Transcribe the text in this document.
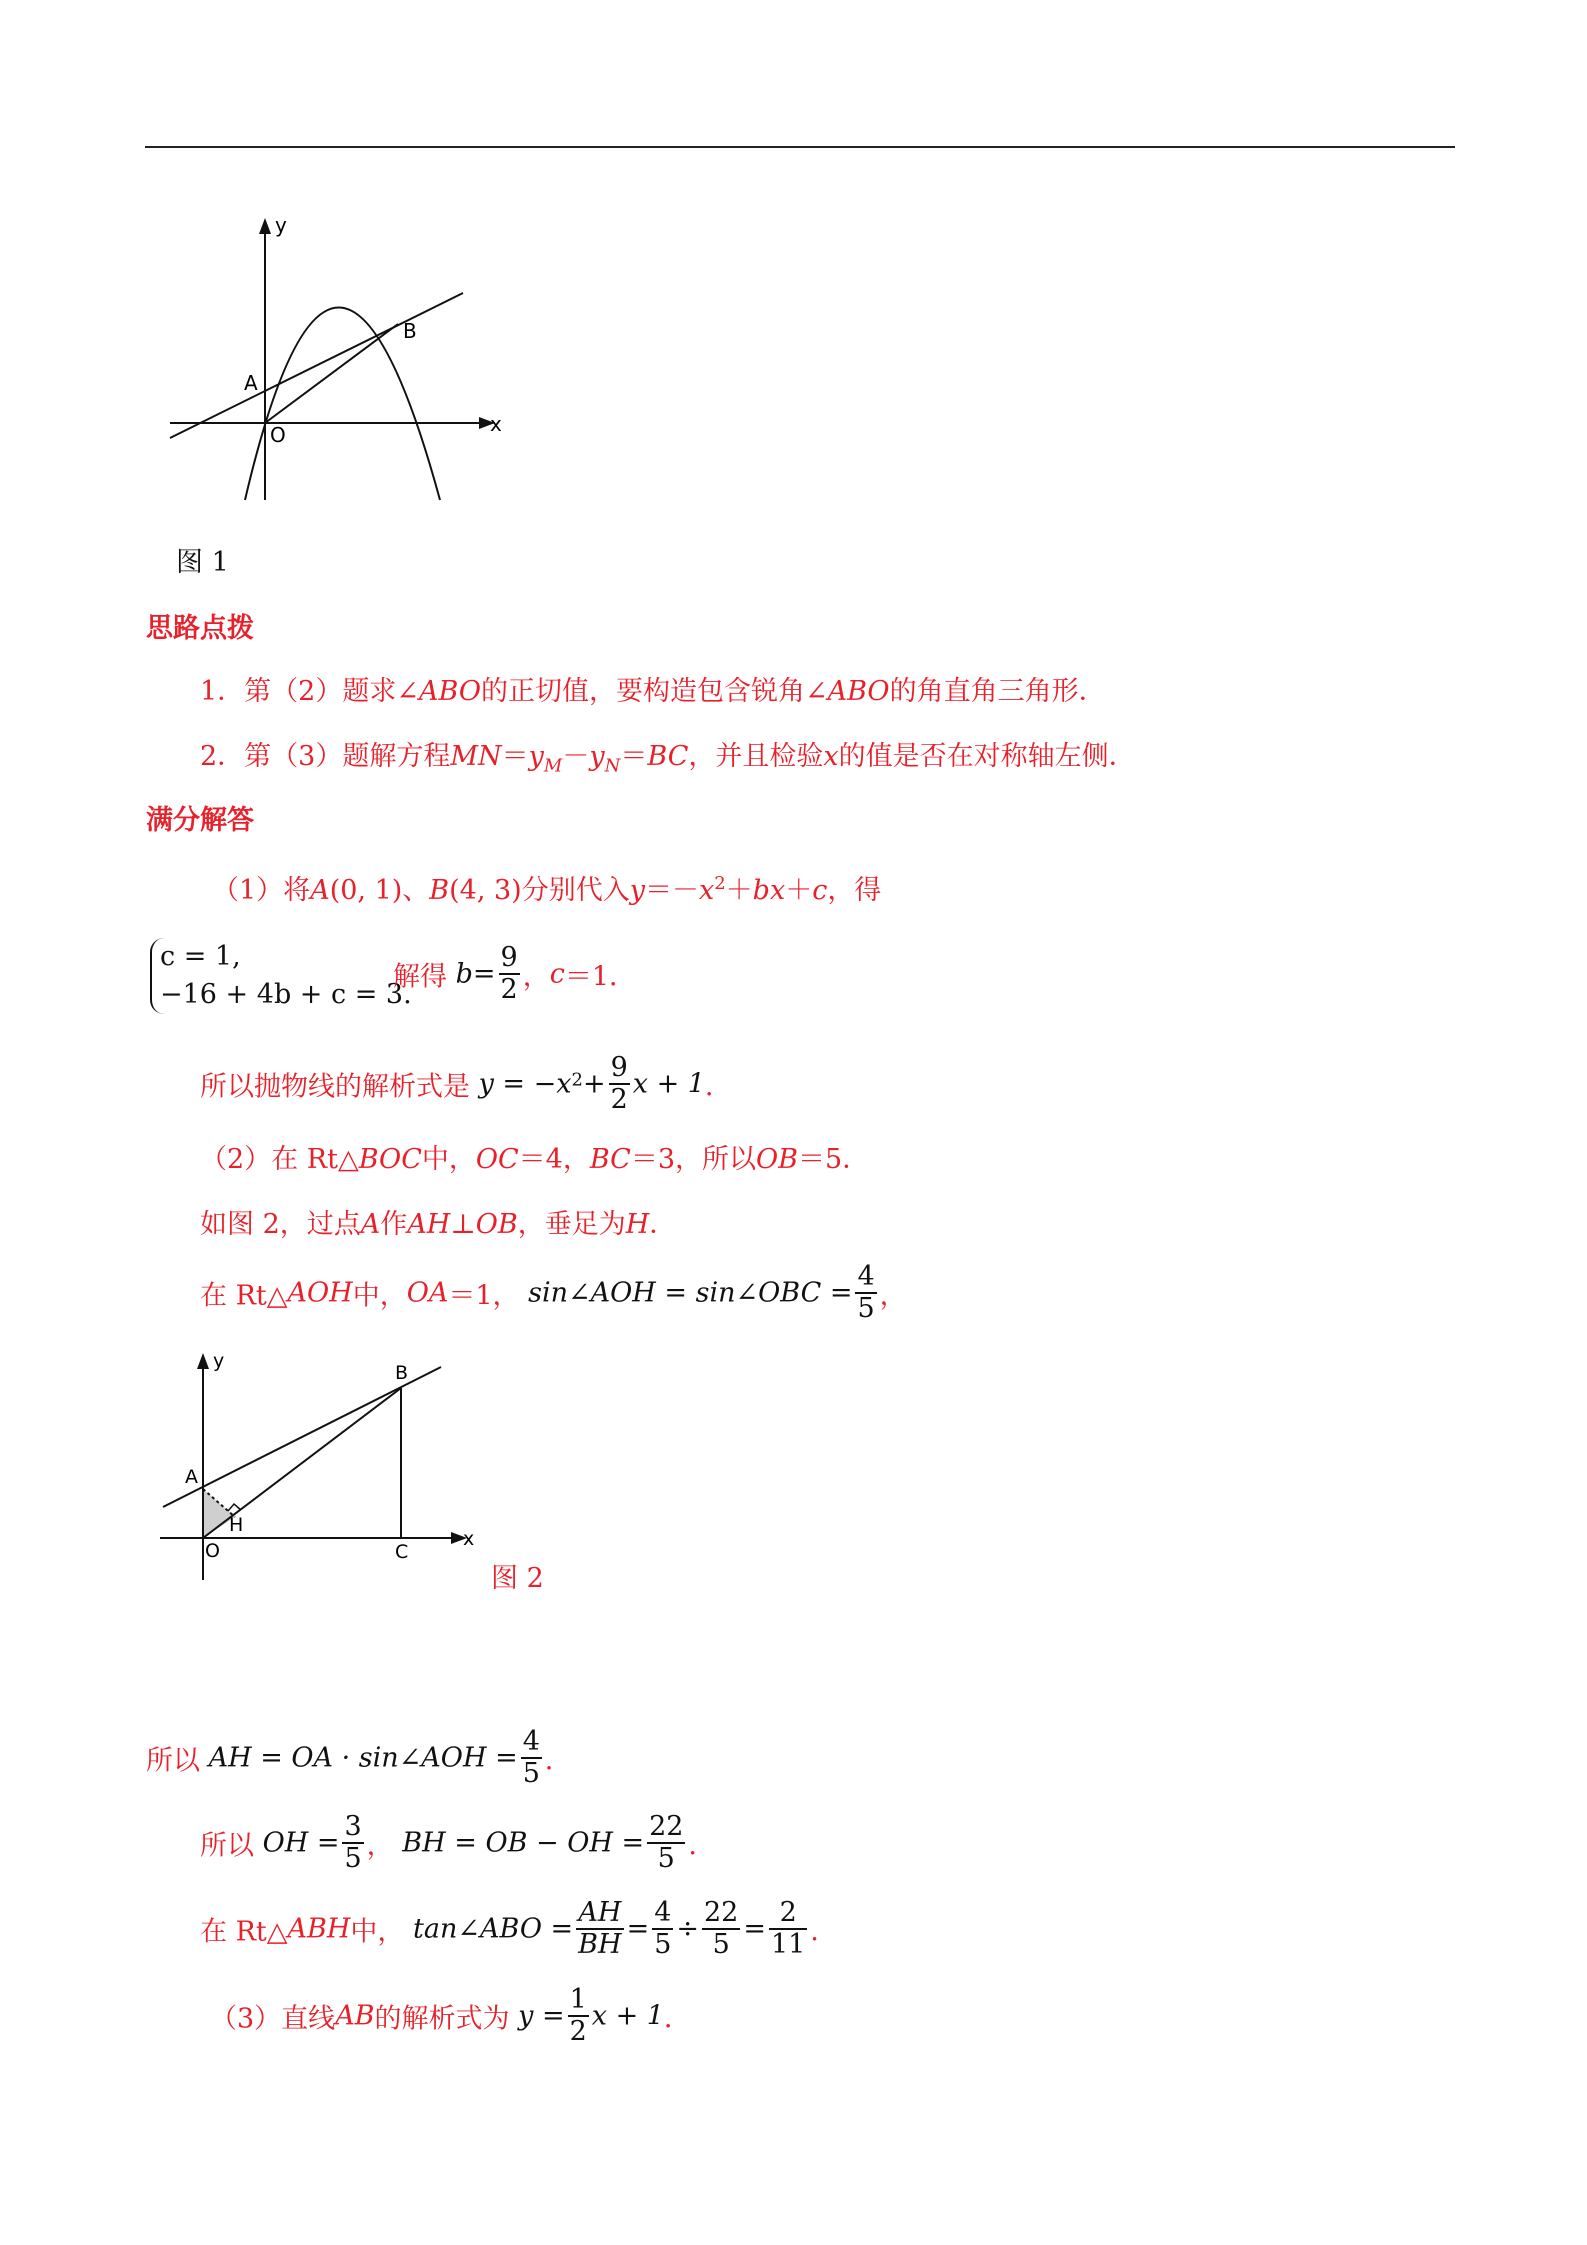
y
x
A
B
O
图 1
思路点拨
1．第（2）题求∠ABO的正切值，要构造包含锐角∠ABO的角直角三角形．
2．第（3）题解方程$MN=y_M-y_N=BC$，并且检验x的值是否在对称轴左侧．
满分解答
（1）将A(0, 1)、B(4, 3)分别代入$y=-x^2+bx+c$，得
c = 1,
−16 + 4b + c = 3.
解得 $b= \frac{9}{2}$ ，c＝1．
所以抛物线的解析式是 $y = -x^2+ \frac{9}{2}$ x + 1．
（2）在 Rt△BOC中，OC＝4，BC＝3，所以OB＝5．
如图 2，过点A作AH⊥OB，垂足为H．
在 Rt△AOH中，OA＝1， sin∠AOH = sin∠OBC = $\frac{4}{5}$ ，
y
x
A
B
H
O	C
图 2
所以 AH = OA · sin∠AOH = $\frac{4}{5}$ ．
所以 OH = $\frac{3}{5}$ ， BH = OB − OH = $\frac{22}{5}$ ．
在 Rt△ABH中， tan∠ABO = $\frac{AH}{BH} = \frac{4}{5} \div \frac{22}{5} = \frac{2}{11}$ ．
（3）直线AB的解析式为 $y = \frac{1}{2}$ x + 1．
